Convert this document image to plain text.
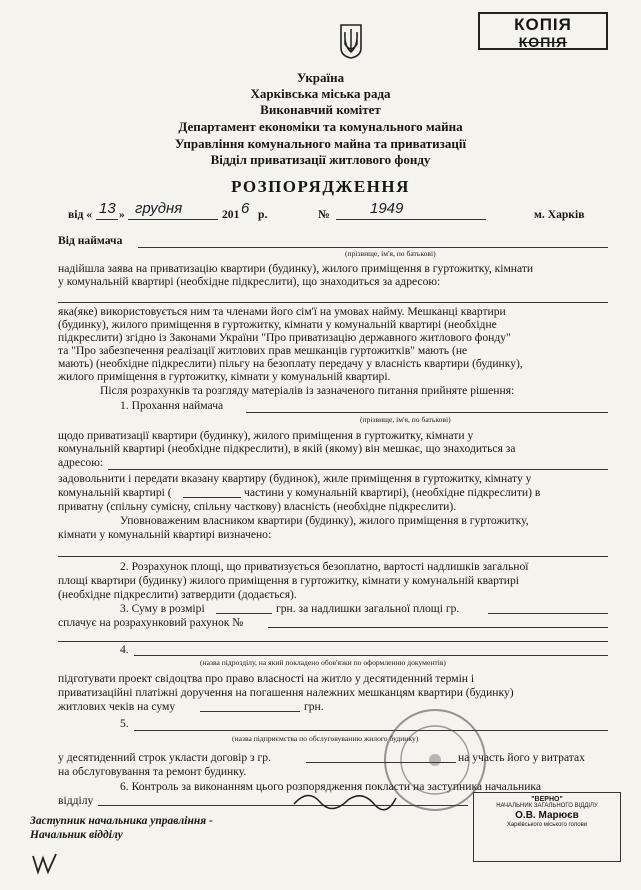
КОПІЯ
КОПІЯ
Україна
Харківська міська рада
Виконавчий комітет
Департамент економіки та комунального майна
Управління комунального майна та приватизації
Відділ приватизації житлового фонду
РОЗПОРЯДЖЕННЯ
від « 13 » грудня	201 6 р.	№	1949	м. Харків
Від наймача
(прізвище, ім'я, по батькові)
надійшла заява на приватизацію квартири (будинку), жилого приміщення в гуртожитку, кімнати
у комунальній квартирі (необхідне підкреслити), що знаходиться за адресою:
яка(яке) використовується ним та членами його сім'ї на умовах найму. Мешканці квартири
(будинку), жилого приміщення в гуртожитку, кімнати у комунальній квартирі (необхідне
підкреслити) згідно із Законами України "Про приватизацію державного житлового фонду"
та "Про забезпечення реалізації житлових прав мешканців гуртожитків" мають (не
мають) (необхідне підкреслити) пільгу на безоплату передачу у власність квартири (будинку),
жилого приміщення в гуртожитку, кімнати у комунальній квартирі.
Після розрахунків та розгляду матеріалів із зазначеного питання прийняте рішення:
1. Прохання наймача
(прізвище, ім'я, по батькові)
щодо приватизації квартири (будинку), жилого приміщення в гуртожитку, кімнати у
комунальній квартирі (необхідне підкреслити), в якій (якому) він мешкає, що знаходиться за
адресою:
задовольнити і передати вказану квартиру (будинок), жиле приміщення в гуртожитку, кімнату у
комунальній квартирі (	частини у комунальній квартирі), (необхідне підкреслити) в
приватну (спільну сумісну, спільну часткову) власність (необхідне підкреслити).
Уповноваженим власником квартири (будинку), жилого приміщення в гуртожитку,
кімнати у комунальній квартирі визначено:
2. Розрахунок площі, що приватизується безоплатно, вартості надлишків загальної
площі квартири (будинку) жилого приміщення в гуртожитку, кімнати у комунальній квартирі
(необхідне підкреслити) затвердити (додається).
3. Суму в розмірі	грн. за надлишки загальної площі гр.
сплачує на розрахунковий рахунок №
4.
(назва підрозділу, на який покладено обов'язки по оформленню документів)
підготувати проект свідоцтва про право власності на житло у десятиденний термін і
приватизаційні платіжні доручення на погашення належних мешканцям квартири (будинку)
житлових чеків на суму	грн.
5.
(назва підприємства по обслуговуванню жилого будинку)
у десятиденний строк укласти договір з гр.	на участь його у витратах
на обслуговування та ремонт будинку.
6. Контроль за виконанням цього розпорядження покласти на заступника начальника
відділу	"ВЕРНО"
НАЧАЛЬНИК ЗАГАЛЬНОГО ВІДДІЛУ
О.В. Марюєв
Харківського міського голови
Заступник начальника управління -
Начальник відділу
